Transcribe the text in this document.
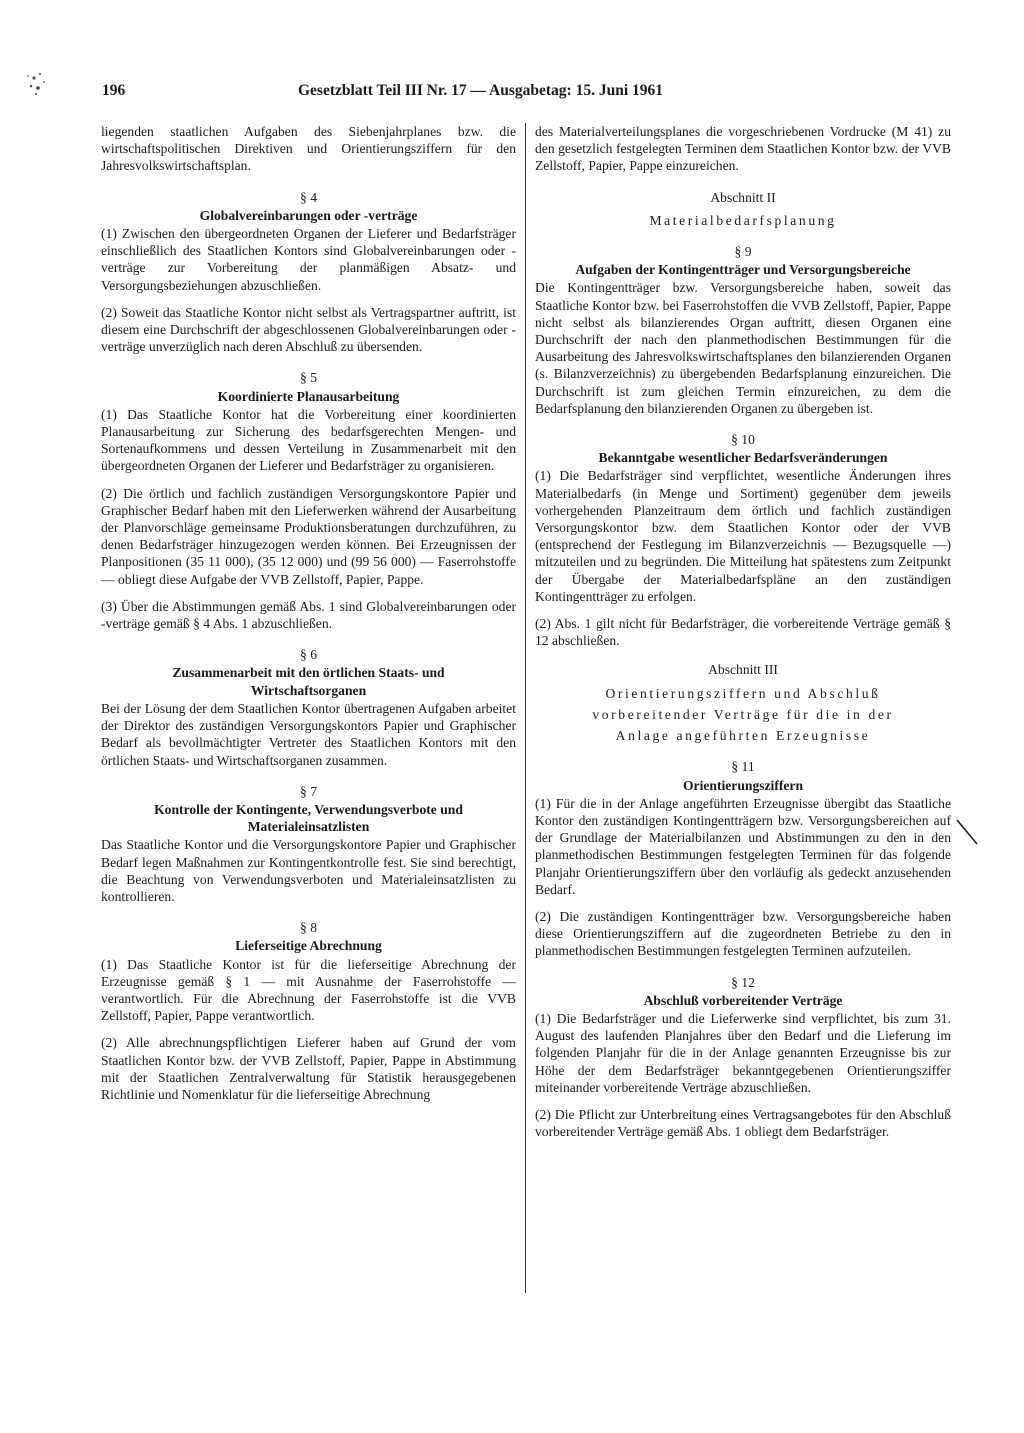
196	Gesetzblatt Teil III Nr. 17 — Ausgabetag: 15. Juni 1961

liegenden staatlichen Aufgaben des Siebenjahrplanes bzw. die wirtschaftspolitischen Direktiven und Orientierungsziffern für den Jahresvolkswirtschaftsplan.

§ 4
Globalvereinbarungen oder -verträge

(1) Zwischen den übergeordneten Organen der Lieferer und Bedarfsträger einschließlich des Staatlichen Kontors sind Globalvereinbarungen oder -verträge zur Vorbereitung der planmäßigen Absatz- und Versorgungsbeziehungen abzuschließen.

(2) Soweit das Staatliche Kontor nicht selbst als Vertragspartner auftritt, ist diesem eine Durchschrift der abgeschlossenen Globalvereinbarungen oder -verträge unverzüglich nach deren Abschluß zu übersenden.

§ 5
Koordinierte Planausarbeitung

(1) Das Staatliche Kontor hat die Vorbereitung einer koordinierten Planausarbeitung zur Sicherung des bedarfsgerechten Mengen- und Sortenaufkommens und dessen Verteilung in Zusammenarbeit mit den übergeordneten Organen der Lieferer und Bedarfsträger zu organisieren.

(2) Die örtlich und fachlich zuständigen Versorgungskontore Papier und Graphischer Bedarf haben mit den Lieferwerken während der Ausarbeitung der Planvorschläge gemeinsame Produktionsberatungen durchzuführen, zu denen Bedarfsträger hinzugezogen werden können. Bei Erzeugnissen der Planpositionen (35 11 000), (35 12 000) und (99 56 000) — Faserrohstoffe — obliegt diese Aufgabe der VVB Zellstoff, Papier, Pappe.

(3) Über die Abstimmungen gemäß Abs. 1 sind Globalvereinbarungen oder -verträge gemäß § 4 Abs. 1 abzuschließen.

§ 6
Zusammenarbeit mit den örtlichen Staats- und Wirtschaftsorganen

Bei der Lösung der dem Staatlichen Kontor übertragenen Aufgaben arbeitet der Direktor des zuständigen Versorgungskontors Papier und Graphischer Bedarf als bevollmächtigter Vertreter des Staatlichen Kontors mit den örtlichen Staats- und Wirtschaftsorganen zusammen.

§ 7
Kontrolle der Kontingente, Verwendungsverbote und Materialeinsatzlisten

Das Staatliche Kontor und die Versorgungskontore Papier und Graphischer Bedarf legen Maßnahmen zur Kontingentkontrolle fest. Sie sind berechtigt, die Beachtung von Verwendungsverboten und Materialeinsatzlisten zu kontrollieren.

§ 8
Lieferseitige Abrechnung

(1) Das Staatliche Kontor ist für die lieferseitige Abrechnung der Erzeugnisse gemäß § 1 — mit Ausnahme der Faserrohstoffe — verantwortlich. Für die Abrechnung der Faserrohstoffe ist die VVB Zellstoff, Papier, Pappe verantwortlich.

(2) Alle abrechnungspflichtigen Lieferer haben auf Grund der vom Staatlichen Kontor bzw. der VVB Zellstoff, Papier, Pappe in Abstimmung mit der Staatlichen Zentralverwaltung für Statistik herausgegebenen Richtlinie und Nomenklatur für die lieferseitige Abrechnung

des Materialverteilungsplanes die vorgeschriebenen Vordrucke (M 41) zu den gesetzlich festgelegten Terminen dem Staatlichen Kontor bzw. der VVB Zellstoff, Papier, Pappe einzureichen.

Abschnitt II
Materialbedarfsplanung
§ 9
Aufgaben der Kontingentträger und Versorgungsbereiche

Die Kontingentträger bzw. Versorgungsbereiche haben, soweit das Staatliche Kontor bzw. bei Faserrohstoffen die VVB Zellstoff, Papier, Pappe nicht selbst als bilanzierendes Organ auftritt, diesen Organen eine Durchschrift der nach den planmethodischen Bestimmungen für die Ausarbeitung des Jahresvolkswirtschaftsplanes den bilanzierenden Organen (s. Bilanzverzeichnis) zu übergebenden Bedarfsplanung einzureichen. Die Durchschrift ist zum gleichen Termin einzureichen, zu dem die Bedarfsplanung den bilanzierenden Organen zu übergeben ist.

§ 10
Bekanntgabe wesentlicher Bedarfsveränderungen

(1) Die Bedarfsträger sind verpflichtet, wesentliche Änderungen ihres Materialbedarfs (in Menge und Sortiment) gegenüber dem jeweils vorhergehenden Planzeitraum dem örtlich und fachlich zuständigen Versorgungskontor bzw. dem Staatlichen Kontor oder der VVB (entsprechend der Festlegung im Bilanzverzeichnis — Bezugsquelle —) mitzuteilen und zu begründen. Die Mitteilung hat spätestens zum Zeitpunkt der Übergabe der Materialbedarfspläne an den zuständigen Kontingentträger zu erfolgen.

(2) Abs. 1 gilt nicht für Bedarfsträger, die vorbereitende Verträge gemäß § 12 abschließen.

Abschnitt III
Orientierungsziffern und Abschluß
vorbereitender Verträge für die in der
Anlage angeführten Erzeugnisse
§ 11
Orientierungsziffern

(1) Für die in der Anlage angeführten Erzeugnisse übergibt das Staatliche Kontor den zuständigen Kontingentträgern bzw. Versorgungsbereichen auf der Grundlage der Materialbilanzen und Abstimmungen zu den in den planmethodischen Bestimmungen festgelegten Terminen für das folgende Planjahr Orientierungsziffern über den vorläufig als gedeckt anzusehenden Bedarf.

(2) Die zuständigen Kontingentträger bzw. Versorgungsbereiche haben diese Orientierungsziffern auf die zugeordneten Betriebe zu den in planmethodischen Bestimmungen festgelegten Terminen aufzuteilen.

§ 12
Abschluß vorbereitender Verträge

(1) Die Bedarfsträger und die Lieferwerke sind verpflichtet, bis zum 31. August des laufenden Planjahres über den Bedarf und die Lieferung im folgenden Planjahr für die in der Anlage genannten Erzeugnisse bis zur Höhe der dem Bedarfsträger bekanntgegebenen Orientierungsziffer miteinander vorbereitende Verträge abzuschließen.

(2) Die Pflicht zur Unterbreitung eines Vertragsangebotes für den Abschluß vorbereitender Verträge gemäß Abs. 1 obliegt dem Bedarfsträger.
